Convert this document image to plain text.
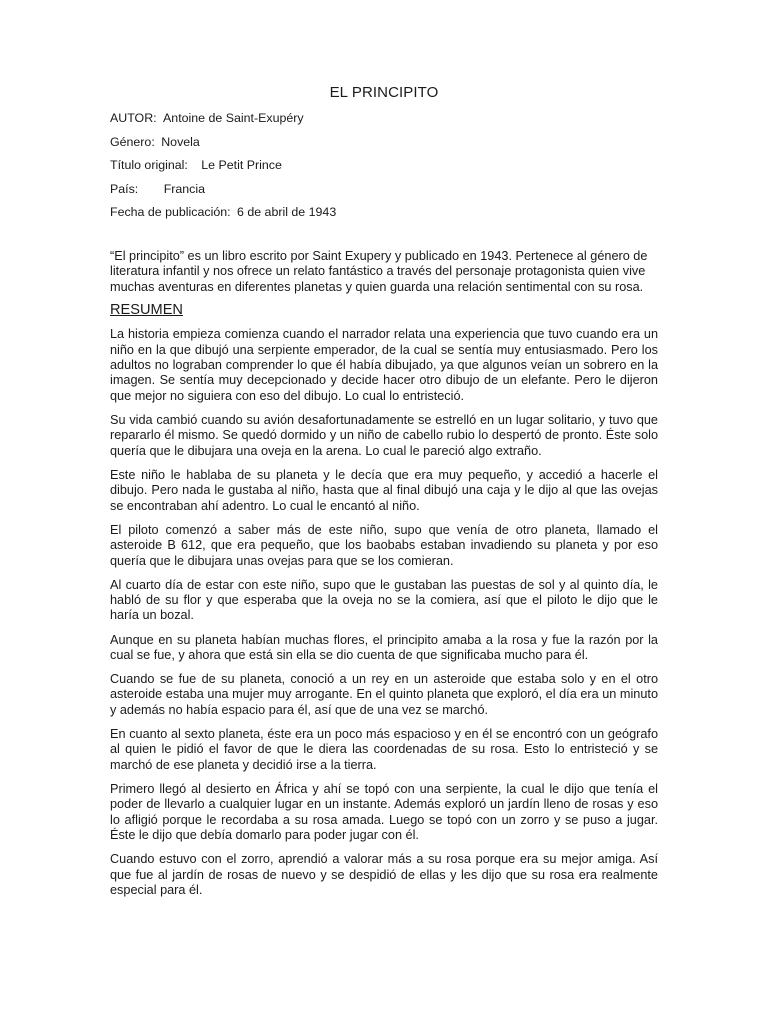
EL PRINCIPITO
AUTOR: Antoine de Saint-Exupéry
Género: Novela
Título original: Le Petit Prince
País: Francia
Fecha de publicación: 6 de abril de 1943

“El principito” es un libro escrito por Saint Exupery y publicado en 1943. Pertenece al género de literatura infantil y nos ofrece un relato fantástico a través del personaje protagonista quien vive muchas aventuras en diferentes planetas y quien guarda una relación sentimental con su rosa.

RESUMEN

La historia empieza comienza cuando el narrador relata una experiencia que tuvo cuando era un niño en la que dibujó una serpiente emperador, de la cual se sentía muy entusiasmado. Pero los adultos no lograban comprender lo que él había dibujado, ya que algunos veían un sobrero en la imagen. Se sentía muy decepcionado y decide hacer otro dibujo de un elefante. Pero le dijeron que mejor no siguiera con eso del dibujo. Lo cual lo entristeció.

Su vida cambió cuando su avión desafortunadamente se estrelló en un lugar solitario, y tuvo que repararlo él mismo. Se quedó dormido y un niño de cabello rubio lo despertó de pronto. Éste solo quería que le dibujara una oveja en la arena. Lo cual le pareció algo extraño.

Este niño le hablaba de su planeta y le decía que era muy pequeño, y accedió a hacerle el dibujo. Pero nada le gustaba al niño, hasta que al final dibujó una caja y le dijo al que las ovejas se encontraban ahí adentro. Lo cual le encantó al niño.

El piloto comenzó a saber más de este niño, supo que venía de otro planeta, llamado el asteroide B 612, que era pequeño, que los baobabs estaban invadiendo su planeta y por eso quería que le dibujara unas ovejas para que se los comieran.

Al cuarto día de estar con este niño, supo que le gustaban las puestas de sol y al quinto día, le habló de su flor y que esperaba que la oveja no se la comiera, así que el piloto le dijo que le haría un bozal.

Aunque en su planeta habían muchas flores, el principito amaba a la rosa y fue la razón por la cual se fue, y ahora que está sin ella se dio cuenta de que significaba mucho para él.

Cuando se fue de su planeta, conoció a un rey en un asteroide que estaba solo y en el otro asteroide estaba una mujer muy arrogante. En el quinto planeta que exploró, el día era un minuto y además no había espacio para él, así que de una vez se marchó.

En cuanto al sexto planeta, éste era un poco más espacioso y en él se encontró con un geógrafo al quien le pidió el favor de que le diera las coordenadas de su rosa. Esto lo entristeció y se marchó de ese planeta y decidió irse a la tierra.

Primero llegó al desierto en África y ahí se topó con una serpiente, la cual le dijo que tenía el poder de llevarlo a cualquier lugar en un instante. Además exploró un jardín lleno de rosas y eso lo afligió porque le recordaba a su rosa amada. Luego se topó con un zorro y se puso a jugar. Éste le dijo que debía domarlo para poder jugar con él.

Cuando estuvo con el zorro, aprendió a valorar más a su rosa porque era su mejor amiga. Así que fue al jardín de rosas de nuevo y se despidió de ellas y les dijo que su rosa era realmente especial para él.
